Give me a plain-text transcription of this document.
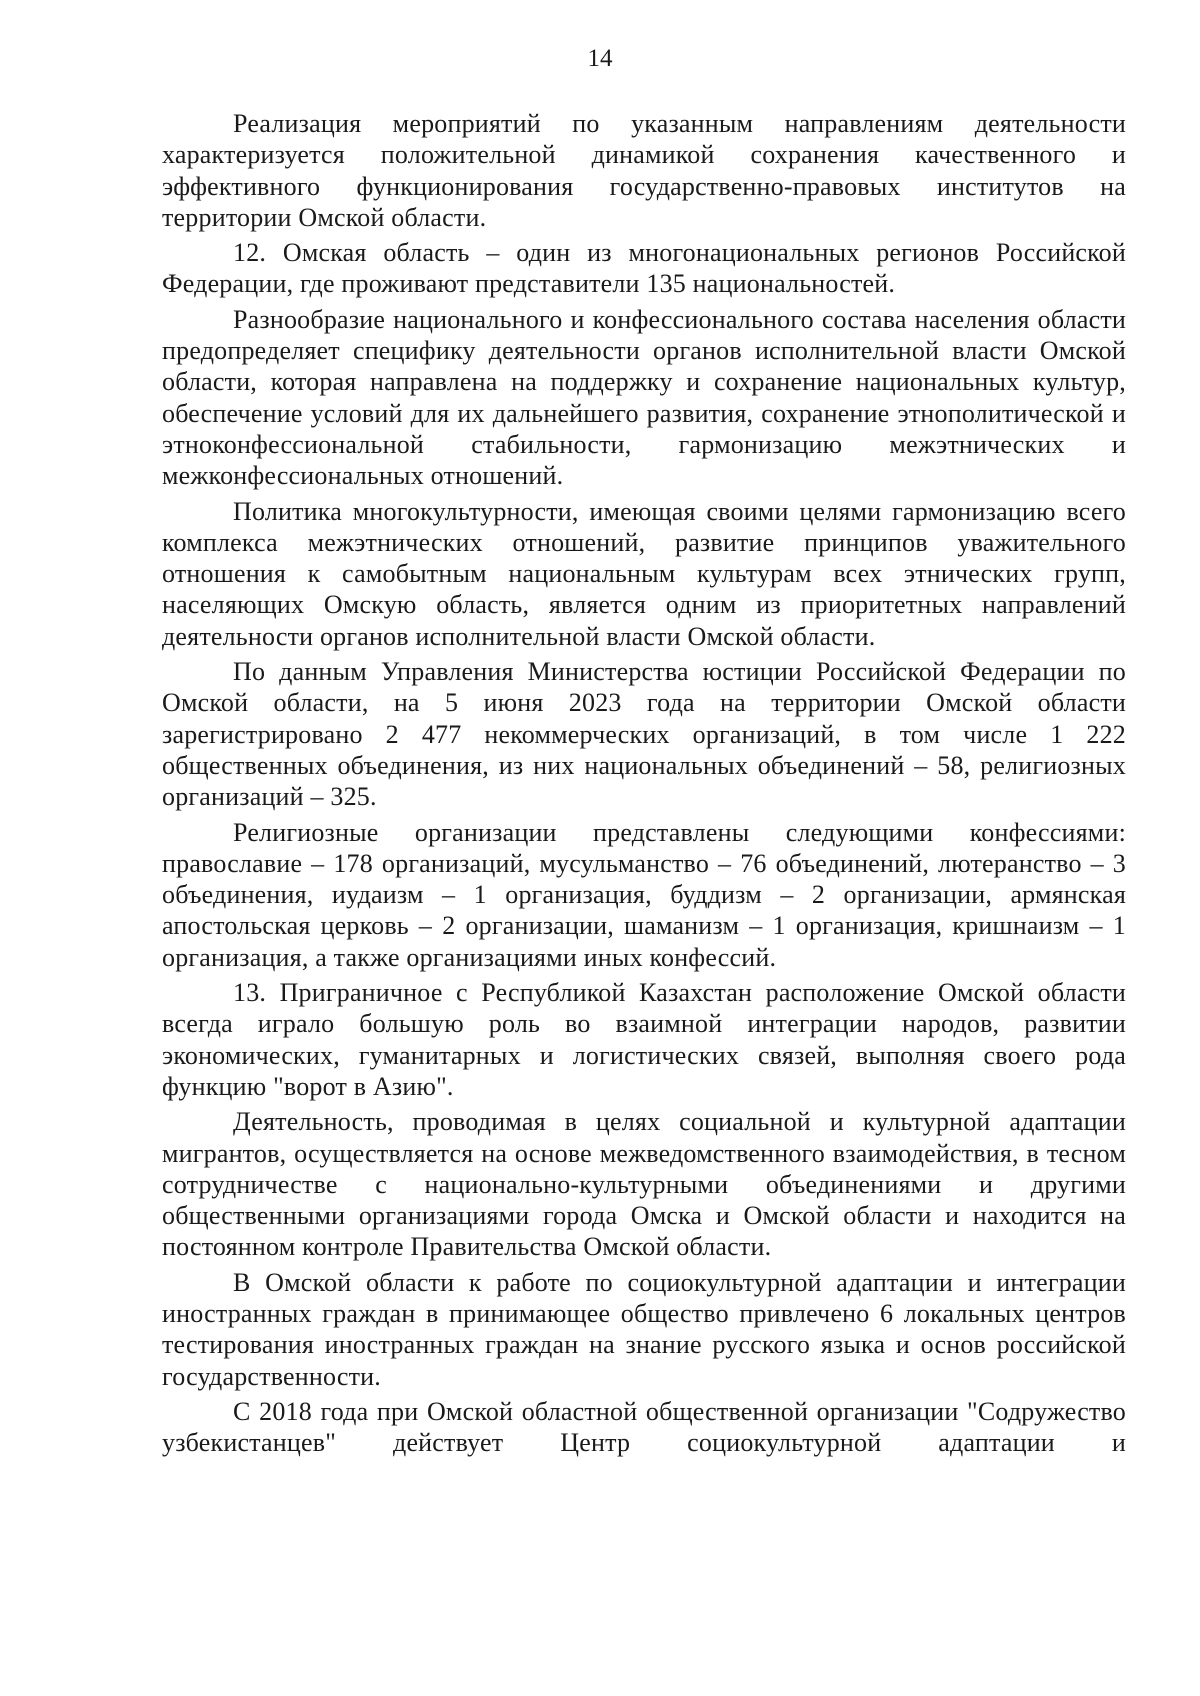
14

Реализация мероприятий по указанным направлениям деятельности характеризуется положительной динамикой сохранения качественного и эффективного функционирования государственно-правовых институтов на территории Омской области.

12. Омская область – один из многонациональных регионов Российской Федерации, где проживают представители 135 национальностей.

Разнообразие национального и конфессионального состава населения области предопределяет специфику деятельности органов исполнительной власти Омской области, которая направлена на поддержку и сохранение национальных культур, обеспечение условий для их дальнейшего развития, сохранение этнополитической и этноконфессиональной стабильности, гармонизацию межэтнических и межконфессиональных отношений.

Политика многокультурности, имеющая своими целями гармонизацию всего комплекса межэтнических отношений, развитие принципов уважительного отношения к самобытным национальным культурам всех этнических групп, населяющих Омскую область, является одним из приоритетных направлений деятельности органов исполнительной власти Омской области.

По данным Управления Министерства юстиции Российской Федерации по Омской области, на 5 июня 2023 года на территории Омской области зарегистрировано 2 477 некоммерческих организаций, в том числе 1 222 общественных объединения, из них национальных объединений – 58, религиозных организаций – 325.

Религиозные организации представлены следующими конфессиями: православие – 178 организаций, мусульманство – 76 объединений, лютеранство – 3 объединения, иудаизм – 1 организация, буддизм – 2 организации, армянская апостольская церковь – 2 организации, шаманизм – 1 организация, кришнаизм – 1 организация, а также организациями иных конфессий.

13. Приграничное с Республикой Казахстан расположение Омской области всегда играло большую роль во взаимной интеграции народов, развитии экономических, гуманитарных и логистических связей, выполняя своего рода функцию "ворот в Азию".

Деятельность, проводимая в целях социальной и культурной адаптации мигрантов, осуществляется на основе межведомственного взаимодействия, в тесном сотрудничестве с национально-культурными объединениями и другими общественными организациями города Омска и Омской области и находится на постоянном контроле Правительства Омской области.

В Омской области к работе по социокультурной адаптации и интеграции иностранных граждан в принимающее общество привлечено 6 локальных центров тестирования иностранных граждан на знание русского языка и основ российской государственности.

С 2018 года при Омской областной общественной организации "Содружество узбекистанцев" действует Центр социокультурной адаптации и
